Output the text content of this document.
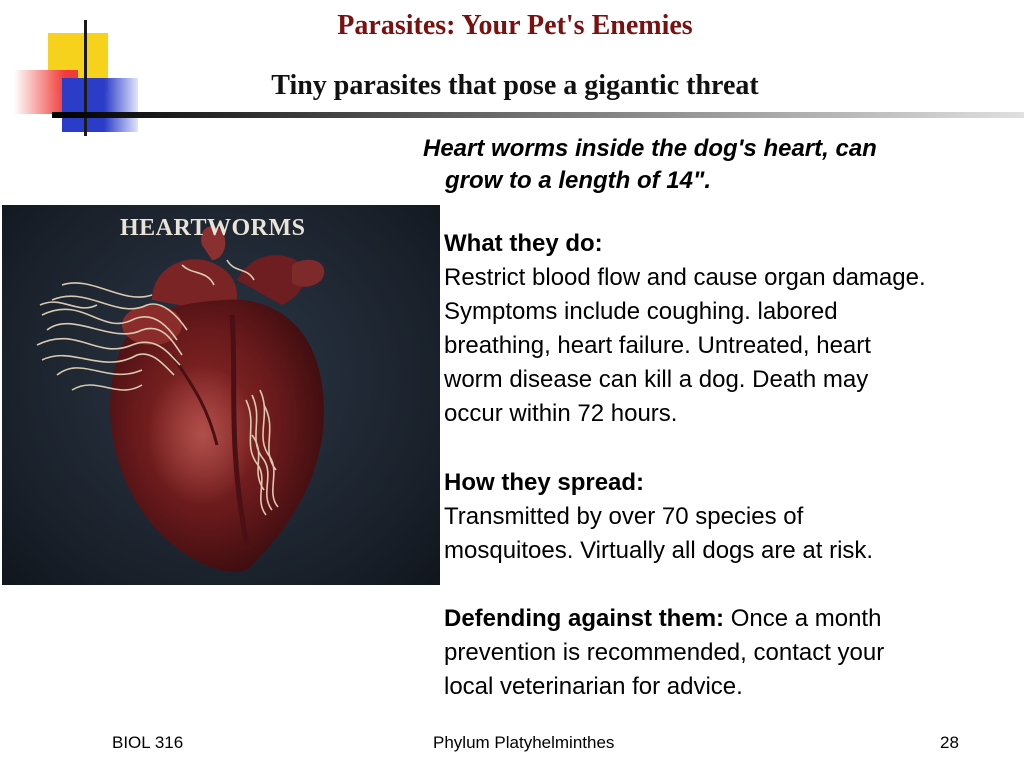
Parasites: Your Pet's Enemies
Tiny parasites that pose a gigantic threat
HEARTWORMS

Heart worms inside the dog's heart, can
grow to a length of 14".

What they do:
Restrict blood flow and cause organ damage.
Symptoms include coughing. labored
breathing, heart failure. Untreated, heart
worm disease can kill a dog. Death may
occur within 72 hours.
How they spread:
Transmitted by over 70 species of
mosquitoes. Virtually all dogs are at risk.
Defending against them: Once a month
prevention is recommended, contact your
local veterinarian for advice.
BIOL 316	Phylum Platyhelminthes	28
